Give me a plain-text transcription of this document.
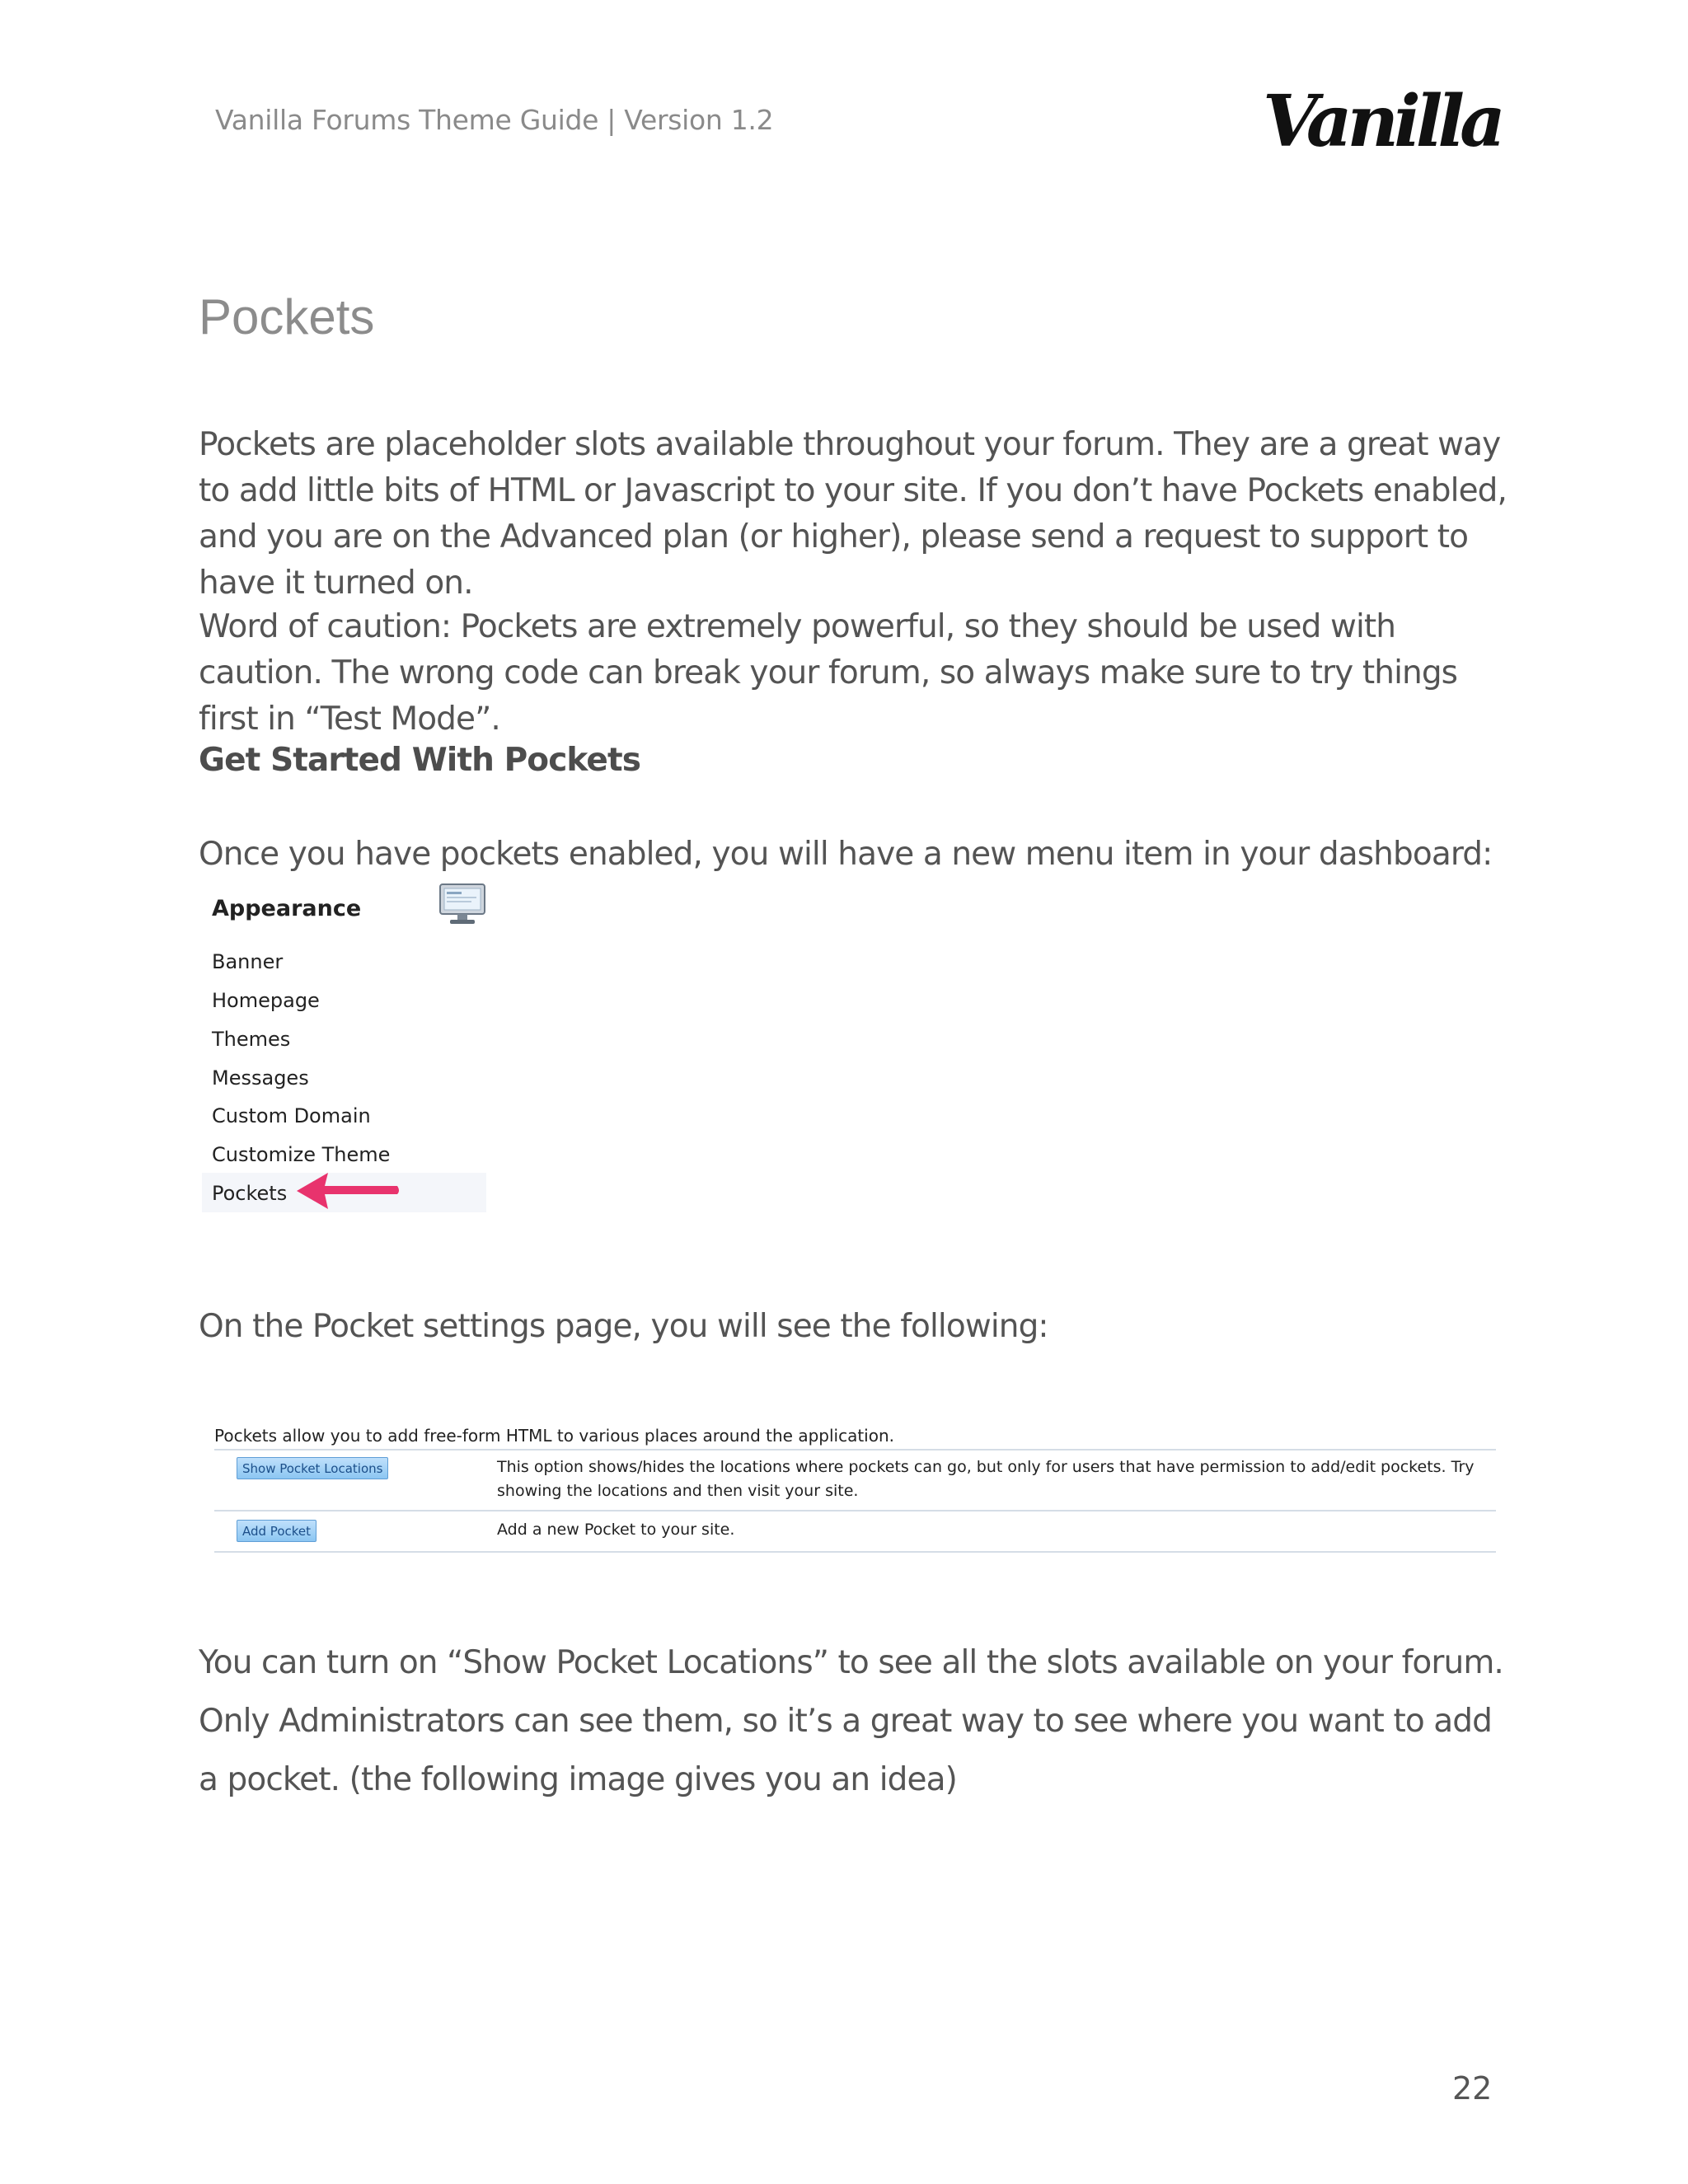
Vanilla Forums Theme Guide | Version 1.2	Vanilla
Pockets
Pockets are placeholder slots available throughout your forum. They are a great way to add little bits of HTML or Javascript to your site. If you don’t have Pockets enabled, and you are on the Advanced plan (or higher), please send a request to support to have it turned on.
Word of caution: Pockets are extremely powerful, so they should be used with caution. The wrong code can break your forum, so always make sure to try things first in “Test Mode”.
Get Started With Pockets
Once you have pockets enabled, you will have a new menu item in your dashboard:
Appearance
Banner
Homepage
Themes
Messages
Custom Domain
Customize Theme
Pockets
On the Pocket settings page, you will see the following:
Pockets allow you to add free-form HTML to various places around the application.
Show Pocket Locations	This option shows/hides the locations where pockets can go, but only for users that have permission to add/edit pockets. Try showing the locations and then visit your site.
Add Pocket	Add a new Pocket to your site.
You can turn on “Show Pocket Locations” to see all the slots available on your forum. Only Administrators can see them, so it’s a great way to see where you want to add a pocket. (the following image gives you an idea)
22
